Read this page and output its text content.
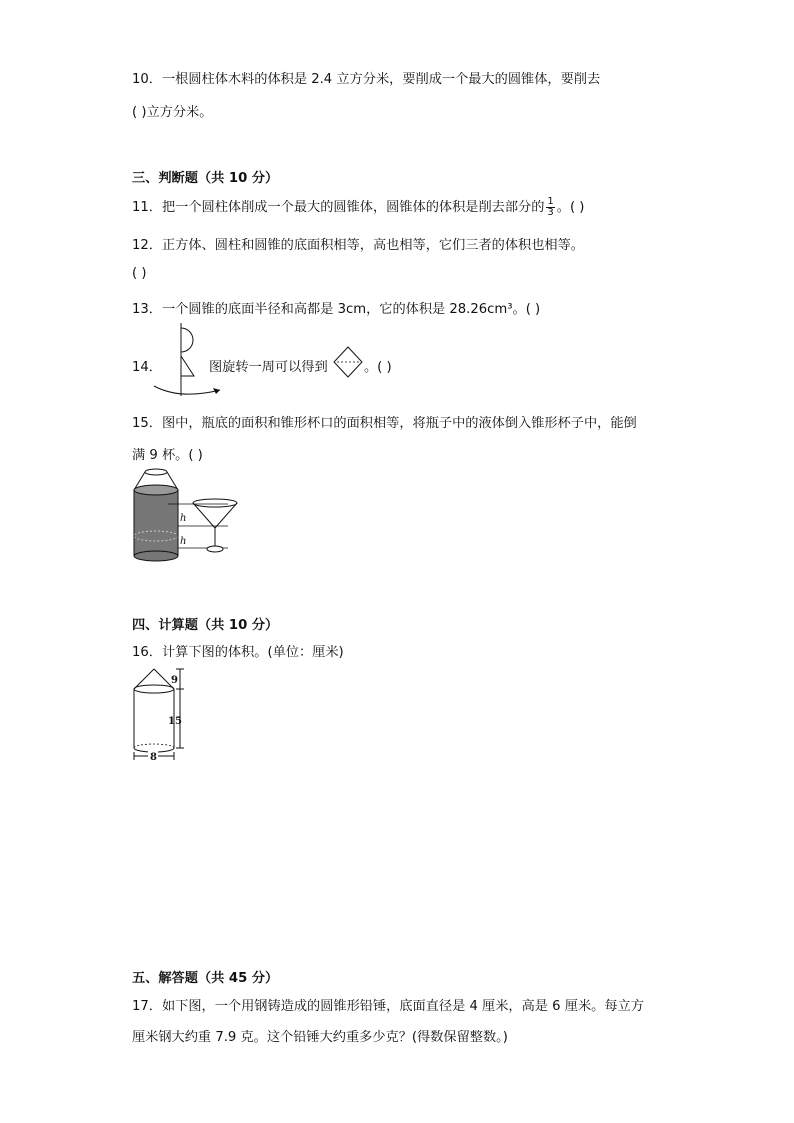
10．一根圆柱体木料的体积是 2.4 立方分米，要削成一个最大的圆锥体，要削去
( )立方分米。
三、判断题（共 10 分）
11．把一个圆柱体削成一个最大的圆锥体，圆锥体的体积是削去部分的 $\frac{1}{3}$ 。( )
12．正方体、圆柱和圆锥的底面积相等，高也相等，它们三者的体积也相等。
( )
13．一个圆锥的底面半径和高都是 3cm，它的体积是 28.26cm³。( )
14．	图旋转一周可以得到	。( )
15．图中，瓶底的面积和锥形杯口的面积相等，将瓶子中的液体倒入锥形杯子中，能倒
满 9 杯。( )
h
h
四、计算题（共 10 分）
16．计算下图的体积。(单位：厘米)
9
15
8
五、解答题（共 45 分）
17．如下图，一个用钢铸造成的圆锥形铅锤，底面直径是 4 厘米，高是 6 厘米。每立方
厘米钢大约重 7.9 克。这个铅锤大约重多少克？(得数保留整数。)
